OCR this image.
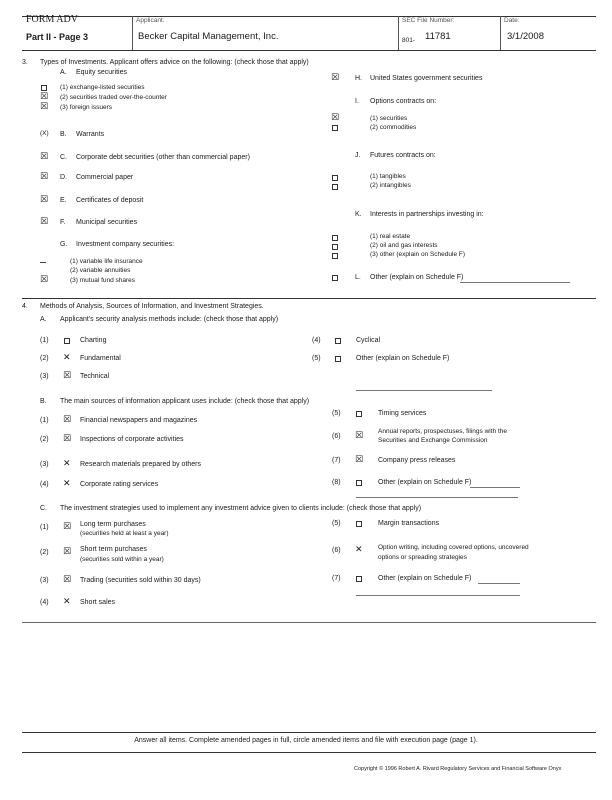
FORM ADV
Part II - Page 3
Applicant:
Becker Capital Management, Inc.
SEC File Number:
801- 11781
Date:
3/1/2008
3. Types of Investments. Applicant offers advice on the following: (check those that apply)
A. Equity securities
(1) exchange-listed securities
☒ (2) securities traded over-the-counter
☒ (3) foreign issuers
(X) B. Warrants
☒ C. Corporate debt securities (other than commercial paper)
☒ D. Commercial paper
☒ E. Certificates of deposit
☒ F. Municipal securities
G. Investment company securities:
(1) variable life insurance
(2) variable annuities
☒	(3) mutual fund shares
☒ H. United States government securities
I. Options contracts on:
☒	(1) securities
(2) commodities
J. Futures contracts on:
(1) tangibles
(2) intangibles
K. Interests in partnerships investing in:
(1) real estate
(2) oil and gas interests
(3) other (explain on Schedule F)
L. Other (explain on Schedule F)
4. Methods of Analysis, Sources of Information, and Investment Strategies.
A. Applicant's security analysis methods include: (check those that apply)
(1)	Charting
(2) ✕ Fundamental
(3) ☒ Technical
(4)	Cyclical
(5)	Other (explain on Schedule F)
B. The main sources of information applicant uses include: (check those that apply)
(1) ☒ Financial newspapers and magazines
(2) ☒ Inspections of corporate activities
(3) ✕ Research materials prepared by others
(4) ✕ Corporate rating services
(5)	Timing services
(6) ☒ Annual reports, prospectuses, filings with the
Securities and Exchange Commission
(7) ☒ Company press releases
(8)	Other (explain on Schedule F)
C. The investment strategies used to implement any investment advice given to clients include: (check those that apply)
(1) ☒ Long term purchases
(securities held at least a year)
(2) ☒ Short term purchases
(securities sold within a year)
(3) ☒ Trading (securities sold within 30 days)
(4) ✕ Short sales
(5)	Margin transactions
(6) ✕ Option writing, including covered options, uncovered
options or spreading strategies
(7)	Other (explain on Schedule F)
Answer all items. Complete amended pages in full, circle amended items and file with execution page (page 1).
Copyright © 1996 Robert A. Rivard Regulatory Services and Financial Software Onyx
